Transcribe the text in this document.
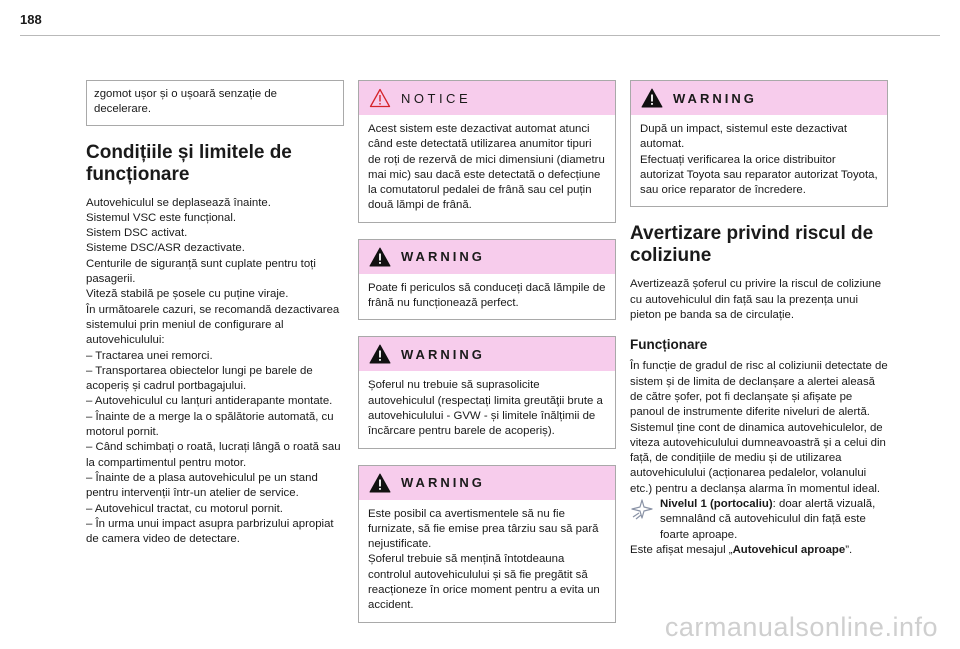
188

zgomot ușor și o ușoară senzație de decelerare.

Condițiile și limitele de funcționare

Autovehiculul se deplasează înainte.

Sistemul VSC este funcțional.

Sistem DSC activat.

Sisteme DSC/ASR dezactivate.

Centurile de siguranță sunt cuplate pentru toți pasagerii.

Viteză stabilă pe șosele cu puține viraje.

În următoarele cazuri, se recomandă dezactivarea sistemului prin meniul de configurare al autovehiculului:

– Tractarea unei remorci.

– Transportarea obiectelor lungi pe barele de acoperiș și cadrul portbagajului.

– Autovehiculul cu lanțuri antiderapante montate.

– Înainte de a merge la o spălătorie automată, cu motorul pornit.

– Când schimbați o roată, lucrați lângă o roată sau la compartimentul pentru motor.

– Înainte de a plasa autovehiculul pe un stand pentru intervenții într-un atelier de service.

– Autovehicul tractat, cu motorul pornit.

– În urma unui impact asupra parbrizului apropiat de camera video de detectare.

NOTICE

Acest sistem este dezactivat automat atunci când este detectată utilizarea anumitor tipuri de roți de rezervă de mici dimensiuni (diametru mai mic) sau dacă este detectată o defecțiune la comutatorul pedalei de frână sau cel puțin două lămpi de frână.

WARNING

Poate fi periculos să conduceți dacă lămpile de frână nu funcționează perfect.

WARNING

Șoferul nu trebuie să suprasolicite autovehiculul (respectați limita greutăţii brute a autovehiculului - GVW - și limitele înălțimii de încărcare pentru barele de acoperiș).

WARNING

Este posibil ca avertismentele să nu fie furnizate, să fie emise prea târziu sau să pară nejustificate.

Șoferul trebuie să mențină întotdeauna controlul autovehiculului și să fie pregătit să reacționeze în orice moment pentru a evita un accident.

WARNING

După un impact, sistemul este dezactivat automat.

Efectuați verificarea la orice distribuitor autorizat Toyota sau reparator autorizat Toyota, sau orice reparator de încredere.

Avertizare privind riscul de coliziune

Avertizează șoferul cu privire la riscul de coliziune cu autovehiculul din față sau la prezența unui pieton pe banda sa de circulație.

Funcționare

În funcție de gradul de risc al coliziunii detectate de sistem și de limita de declanșare a alertei aleasă de către șofer, pot fi declanșate și afișate pe panoul de instrumente diferite niveluri de alertă.

Sistemul ține cont de dinamica autovehiculelor, de viteza autovehiculului dumneavoastră și a celui din față, de condițiile de mediu și de utilizarea autovehiculului (acționarea pedalelor, volanului etc.) pentru a declanșa alarma în momentul ideal.

Nivelul 1 (portocaliu): doar alertă vizuală, semnalând că autovehiculul din față este foarte aproape.

Este afișat mesajul „Autovehicul aproape”.

carmanualsonline.info
